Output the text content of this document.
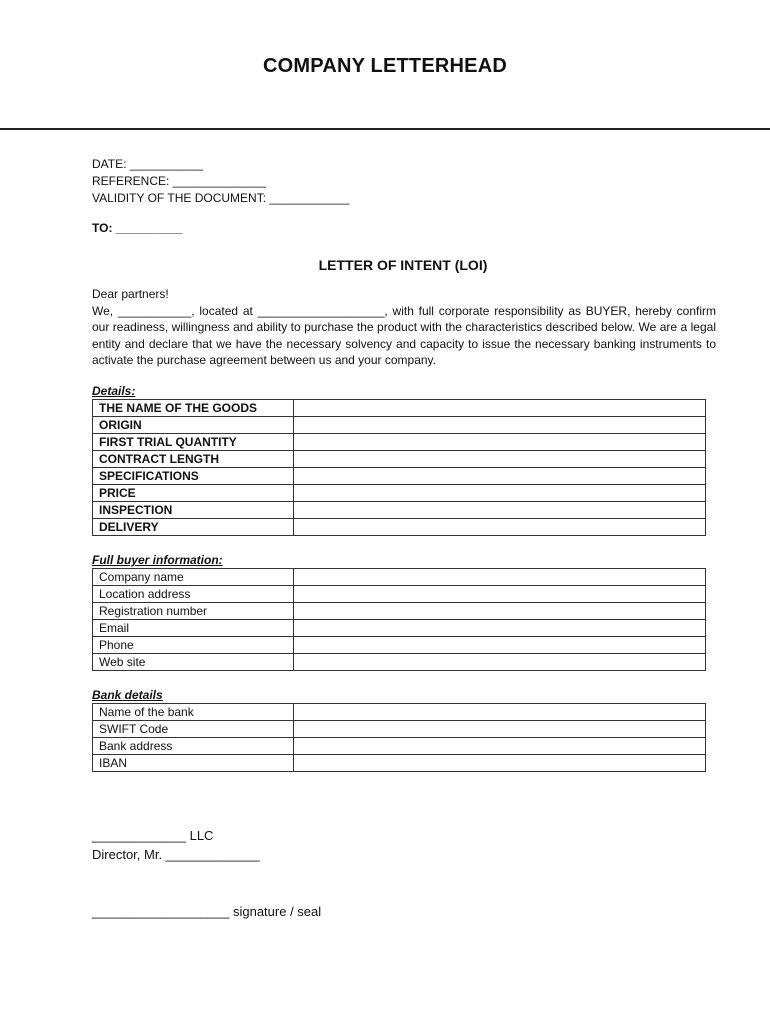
COMPANY LETTERHEAD
DATE: ___________
REFERENCE: ______________
VALIDITY OF THE DOCUMENT: ____________
TO: __________
LETTER OF INTENT (LOI)

Dear partners!

We, ___________, located at ___________________, with full corporate responsibility as BUYER, hereby confirm our readiness, willingness and ability to purchase the product with the characteristics described below. We are a legal entity and declare that we have the necessary solvency and capacity to issue the necessary banking instruments to activate the purchase agreement between us and your company.

Details:
THE NAME OF THE GOODS	
ORIGIN	
FIRST TRIAL QUANTITY	
CONTRACT LENGTH	
SPECIFICATIONS	
PRICE	
INSPECTION	
DELIVERY	
Full buyer information:
Company name	
Location address	
Registration number	
Email	
Phone	
Web site	
Bank details
Name of the bank	
SWIFT Code	
Bank address	
IBAN	
_____________ LLC
Director, Mr. _____________
___________________ signature / seal
